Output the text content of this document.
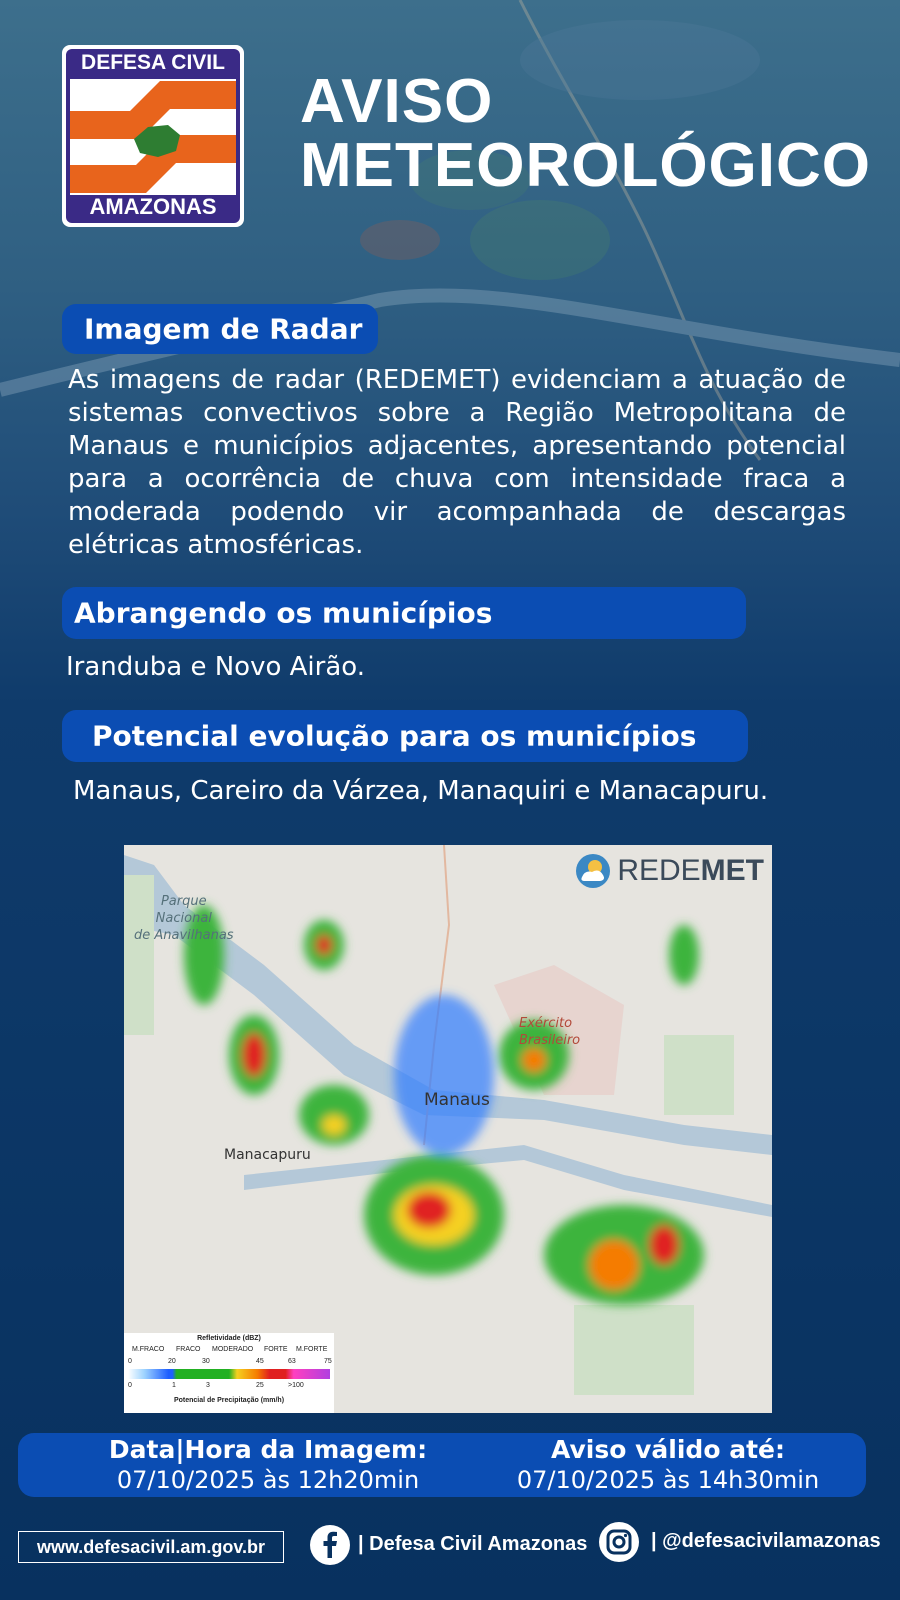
DEFESA CIVIL
AMAZONAS
AVISO
METEOROLÓGICO
Imagem de Radar
As imagens de radar (REDEMET) evidenciam a atuação de sistemas convectivos sobre a Região Metropolitana de Manaus e municípios adjacentes, apresentando potencial para a ocorrência de chuva com intensidade fraca a moderada podendo vir acompanhada de descargas elétricas atmosféricas.
Abrangendo os municípios
Iranduba e Novo Airão.
Potencial evolução para os municípios
Manaus, Careiro da Várzea, Manaquiri e Manacapuru.
REDE MET
Parque
Nacional
de Anavilhanas
Manaus
Manacapuru
Exército
Brasileiro
Refletividade (dBZ)
M.FRACO FRACO MODERADO FORTE M.FORTE
0	20	30	45	63	75
0	1	3	25	>100
Potencial de Precipitação (mm/h)
Data|Hora da Imagem:
07/10/2025 às 12h20min
Aviso válido até:
07/10/2025 às 14h30min
www.defesacivil.am.gov.br	| Defesa Civil Amazonas	| @defesacivilamazonas
